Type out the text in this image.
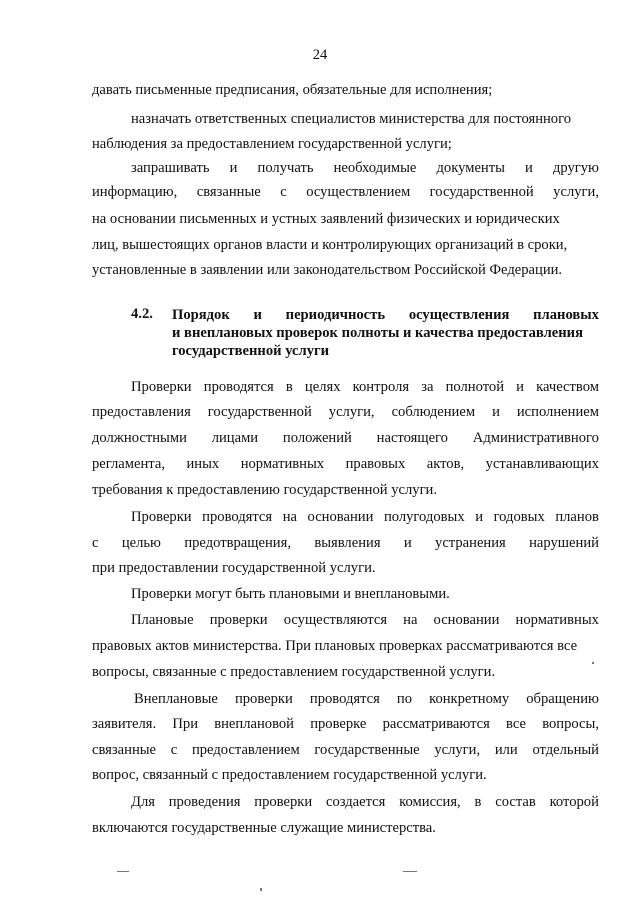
24
давать письменные предписания, обязательные для исполнения;
назначать ответственных специалистов министерства для постоянного
наблюдения за предоставлением государственной услуги;
запрашивать и получать необходимые документы и другую
информацию, связанные с осуществлением государственной услуги,
на основании письменных и устных заявлений физических и юридических
лиц, вышестоящих органов власти и контролирующих организаций в сроки,
установленные в заявлении или законодательством Российской Федерации.
4.2. Порядок и периодичность осуществления плановых
и внеплановых проверок полноты и качества предоставления
государственной услуги
Проверки проводятся в целях контроля за полнотой и качеством
предоставления государственной услуги, соблюдением и исполнением
должностными лицами положений настоящего Административного
регламента, иных нормативных правовых актов, устанавливающих
требования к предоставлению государственной услуги.
Проверки проводятся на основании полугодовых и годовых планов
с целью предотвращения, выявления и устранения нарушений
при предоставлении государственной услуги.
Проверки могут быть плановыми и внеплановыми.
Плановые проверки осуществляются на основании нормативных
правовых актов министерства. При плановых проверках рассматриваются все
вопросы, связанные с предоставлением государственной услуги.
Внеплановые проверки проводятся по конкретному обращению
заявителя. При внеплановой проверке рассматриваются все вопросы,
связанные с предоставлением государственные услуги, или отдельный
вопрос, связанный с предоставлением государственной услуги.
Для проведения проверки создается комиссия, в состав которой
включаются государственные служащие министерства.
